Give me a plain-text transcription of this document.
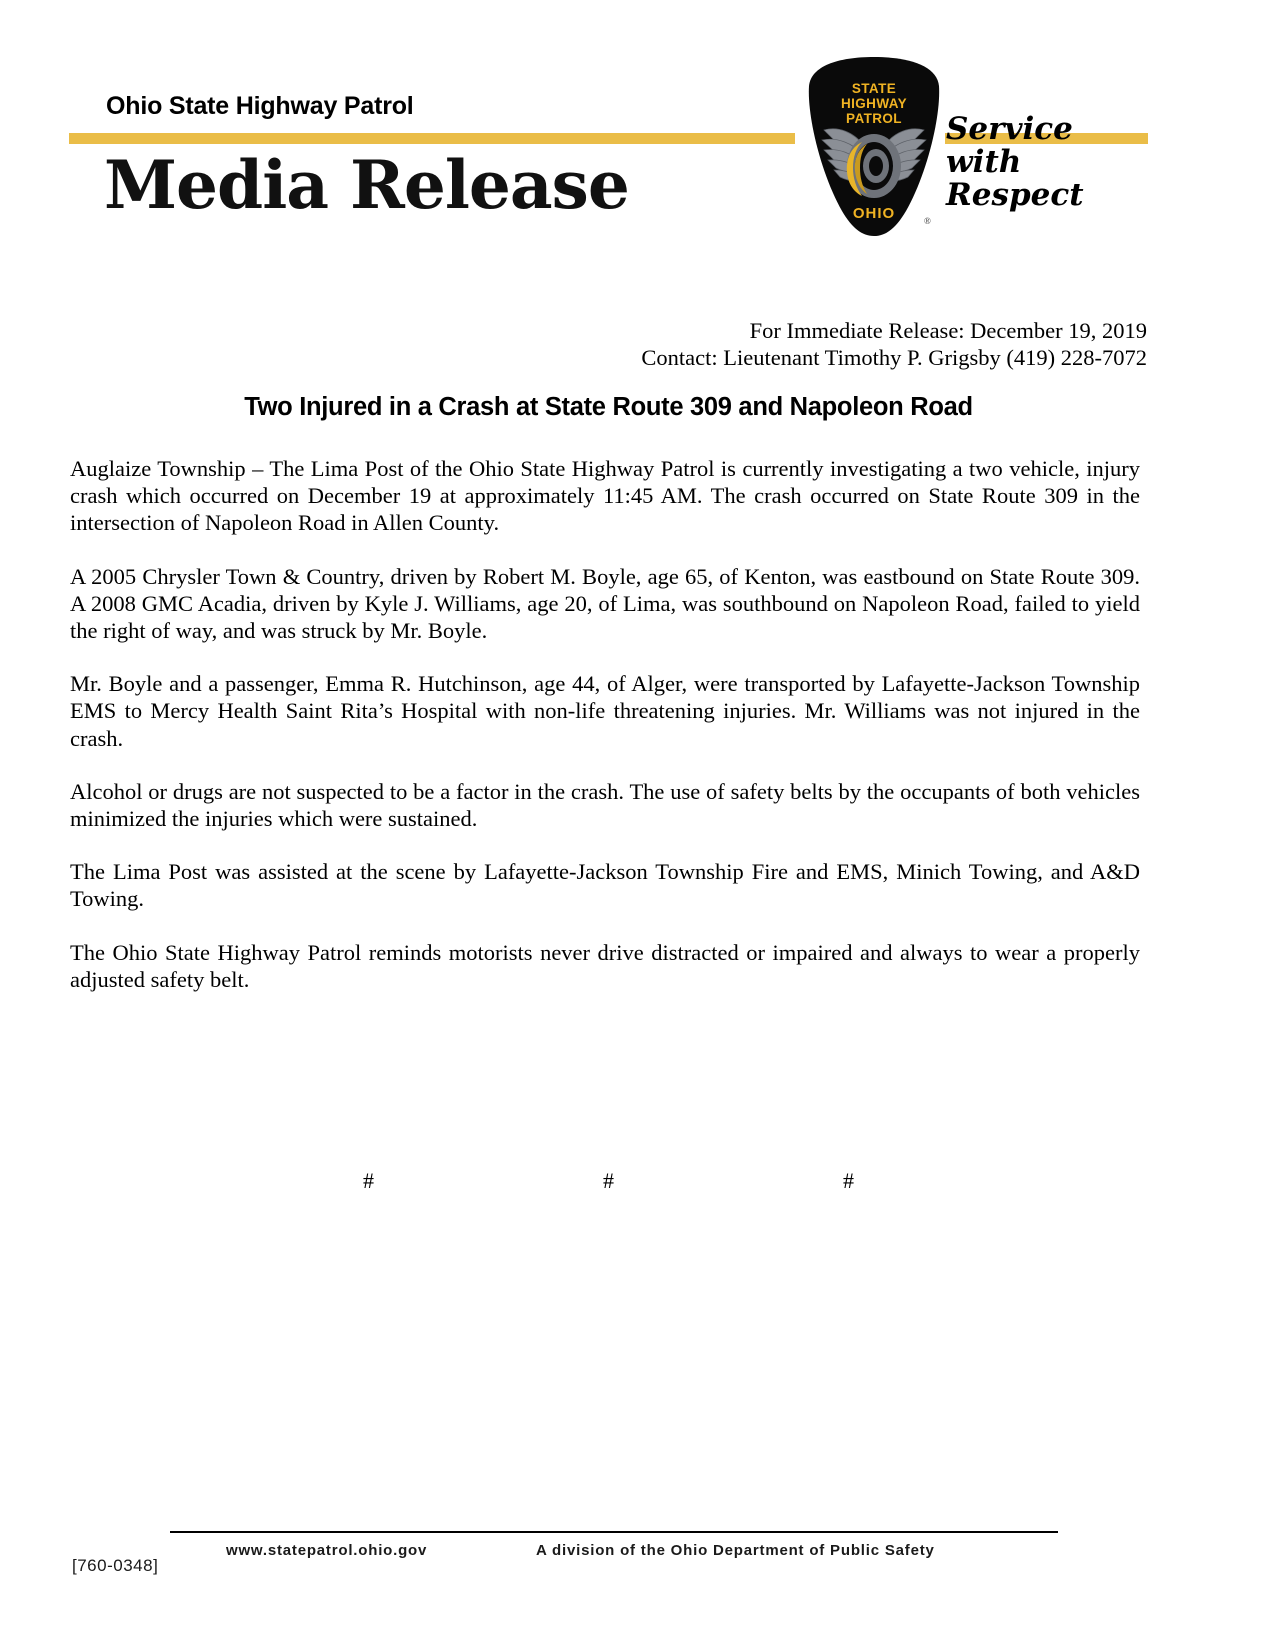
Ohio State Highway Patrol
Media Release
STATE
HIGHWAY
PATROL
OHIO	®
Service
with
Respect
For Immediate Release: December 19, 2019
Contact: Lieutenant Timothy P. Grigsby (419) 228-7072
Two Injured in a Crash at State Route 309 and Napoleon Road

Auglaize Township – The Lima Post of the Ohio State Highway Patrol is currently investigating a two vehicle, injury crash which occurred on December 19 at approximately 11:45 AM. The crash occurred on State Route 309 in the intersection of Napoleon Road in Allen County.

A 2005 Chrysler Town & Country, driven by Robert M. Boyle, age 65, of Kenton, was eastbound on State Route 309. A 2008 GMC Acadia, driven by Kyle J. Williams, age 20, of Lima, was southbound on Napoleon Road, failed to yield the right of way, and was struck by Mr. Boyle.

Mr. Boyle and a passenger, Emma R. Hutchinson, age 44, of Alger, were transported by Lafayette-Jackson Township EMS to Mercy Health Saint Rita’s Hospital with non-life threatening injuries. Mr. Williams was not injured in the crash.

Alcohol or drugs are not suspected to be a factor in the crash. The use of safety belts by the occupants of both vehicles minimized the injuries which were sustained.

The Lima Post was assisted at the scene by Lafayette-Jackson Township Fire and EMS, Minich Towing, and A&D Towing.

The Ohio State Highway Patrol reminds motorists never drive distracted or impaired and always to wear a properly adjusted safety belt.

#	#	#
www.statepatrol.ohio.gov	A division of the Ohio Department of Public Safety
[760-0348]
